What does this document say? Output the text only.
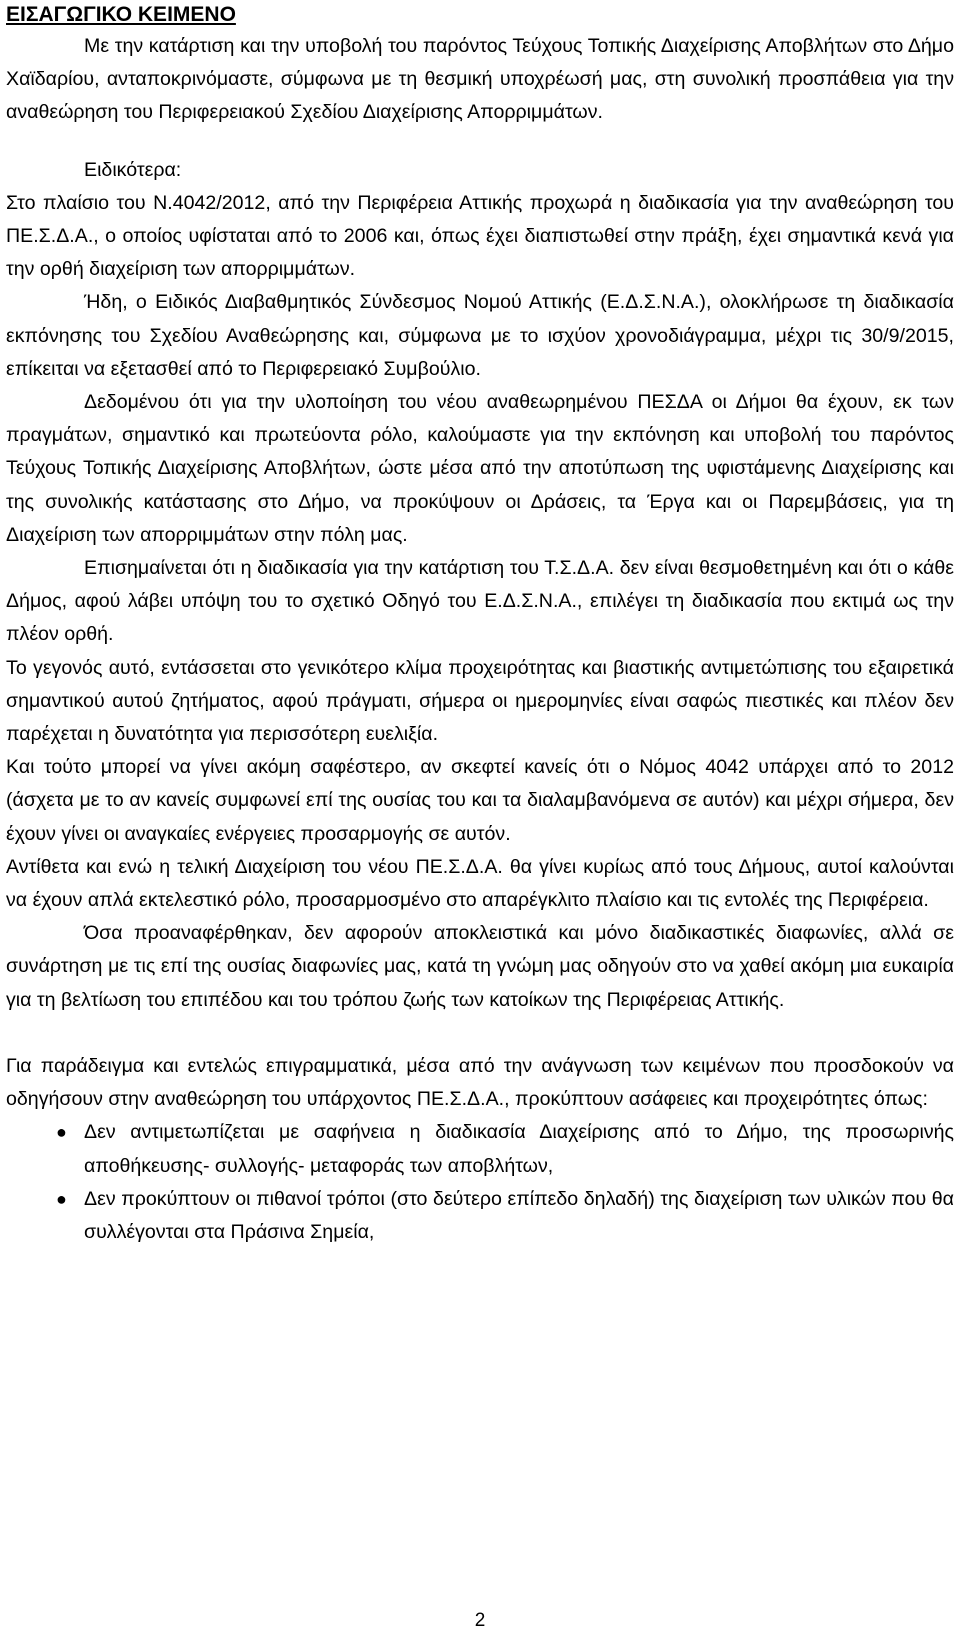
ΕΙΣΑΓΩΓΙΚΟ ΚΕΙΜΕΝΟ

Με την κατάρτιση και την υποβολή του παρόντος Τεύχους Τοπικής Διαχείρισης Αποβλήτων στο Δήμο Χαϊδαρίου, ανταποκρινόμαστε, σύμφωνα με τη θεσμική υποχρέωσή μας, στη συνολική προσπάθεια για την αναθεώρηση του Περιφερειακού Σχεδίου Διαχείρισης Απορριμμάτων.

Ειδικότερα:

Στο πλαίσιο του Ν.4042/2012, από την Περιφέρεια Αττικής προχωρά η διαδικασία για την αναθεώρηση του ΠΕ.Σ.Δ.Α., ο οποίος υφίσταται από το 2006 και, όπως έχει διαπιστωθεί στην πράξη, έχει σημαντικά κενά για την ορθή διαχείριση των απορριμμάτων.

Ήδη, ο Ειδικός Διαβαθμητικός Σύνδεσμος Νομού Αττικής (Ε.Δ.Σ.Ν.Α.), ολοκλήρωσε τη διαδικασία εκπόνησης του Σχεδίου Αναθεώρησης και, σύμφωνα με το ισχύον χρονοδιάγραμμα, μέχρι τις 30/9/2015, επίκειται να εξετασθεί από το Περιφερειακό Συμβούλιο.

Δεδομένου ότι για την υλοποίηση του νέου αναθεωρημένου ΠΕΣΔΑ οι Δήμοι θα έχουν, εκ των πραγμάτων, σημαντικό και πρωτεύοντα ρόλο, καλούμαστε για την εκπόνηση και υποβολή του παρόντος Τεύχους Τοπικής Διαχείρισης Αποβλήτων, ώστε μέσα από την αποτύπωση της υφιστάμενης Διαχείρισης και της συνολικής κατάστασης στο Δήμο, να προκύψουν οι Δράσεις, τα Έργα και οι Παρεμβάσεις, για τη Διαχείριση των απορριμμάτων στην πόλη μας.

Επισημαίνεται ότι η διαδικασία για την κατάρτιση του Τ.Σ.Δ.Α. δεν είναι θεσμοθετημένη και ότι ο κάθε Δήμος, αφού λάβει υπόψη του το σχετικό Οδηγό του Ε.Δ.Σ.Ν.Α., επιλέγει τη διαδικασία που εκτιμά ως την πλέον ορθή.

Το γεγονός αυτό, εντάσσεται στο γενικότερο κλίμα προχειρότητας και βιαστικής αντιμετώπισης του εξαιρετικά σημαντικού αυτού ζητήματος, αφού πράγματι, σήμερα οι ημερομηνίες είναι σαφώς πιεστικές και πλέον δεν παρέχεται η δυνατότητα για περισσότερη ευελιξία.

Και τούτο μπορεί να γίνει ακόμη σαφέστερο, αν σκεφτεί κανείς ότι ο Νόμος 4042 υπάρχει από το 2012 (άσχετα με το αν κανείς συμφωνεί επί της ουσίας του και τα διαλαμβανόμενα σε αυτόν) και μέχρι σήμερα, δεν έχουν γίνει οι αναγκαίες ενέργειες προσαρμογής σε αυτόν.

Αντίθετα και ενώ η τελική Διαχείριση του νέου ΠΕ.Σ.Δ.Α. θα γίνει κυρίως από τους Δήμους, αυτοί καλούνται να έχουν απλά εκτελεστικό ρόλο, προσαρμοσμένο στο απαρέγκλιτο πλαίσιο και τις εντολές της Περιφέρεια.

Όσα προαναφέρθηκαν, δεν αφορούν αποκλειστικά και μόνο διαδικαστικές διαφωνίες, αλλά σε συνάρτηση με τις επί της ουσίας διαφωνίες μας, κατά τη γνώμη μας οδηγούν στο να χαθεί ακόμη μια ευκαιρία για τη βελτίωση του επιπέδου και του τρόπου ζωής των κατοίκων της Περιφέρειας Αττικής.

Για παράδειγμα και εντελώς επιγραμματικά, μέσα από την ανάγνωση των κειμένων που προσδοκούν να οδηγήσουν στην αναθεώρηση του υπάρχοντος ΠΕ.Σ.Δ.Α., προκύπτουν ασάφειες και προχειρότητες όπως:

● Δεν αντιμετωπίζεται με σαφήνεια η διαδικασία Διαχείρισης από το Δήμο, της προσωρινής αποθήκευσης- συλλογής- μεταφοράς των αποβλήτων,
● Δεν προκύπτουν οι πιθανοί τρόποι (στο δεύτερο επίπεδο δηλαδή) της διαχείριση των υλικών που θα συλλέγονται στα Πράσινα Σημεία,
2
